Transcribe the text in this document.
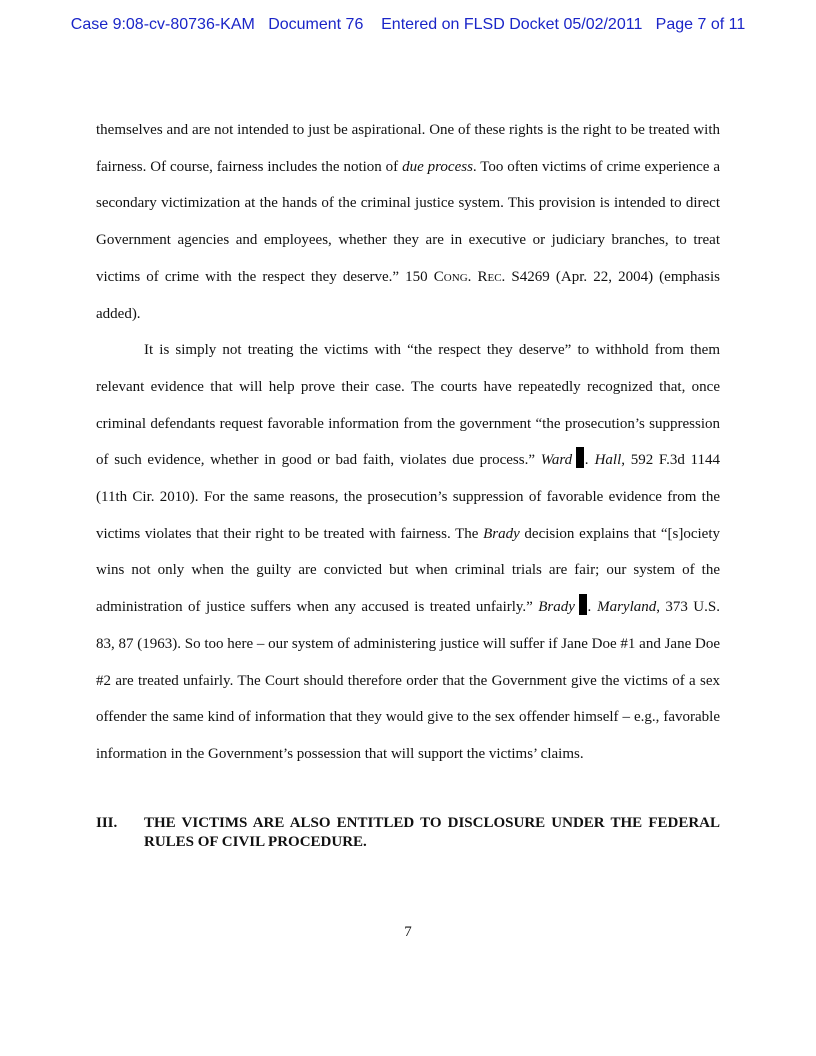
Case 9:08-cv-80736-KAM   Document 76    Entered on FLSD Docket 05/02/2011   Page 7 of 11

themselves and are not intended to just be aspirational. One of these rights is the right to be treated with fairness. Of course, fairness includes the notion of due process. Too often victims of crime experience a secondary victimization at the hands of the criminal justice system. This provision is intended to direct Government agencies and employees, whether they are in executive or judiciary branches, to treat victims of crime with the respect they deserve.” 150 Cong. Rec. S4269 (Apr. 22, 2004) (emphasis added).

It is simply not treating the victims with “the respect they deserve” to withhold from them relevant evidence that will help prove their case. The courts have repeatedly recognized that, once criminal defendants request favorable information from the government “the prosecution’s suppression of such evidence, whether in good or bad faith, violates due process.” Ward . Hall, 592 F.3d 1144 (11th Cir. 2010). For the same reasons, the prosecution’s suppression of favorable evidence from the victims violates that their right to be treated with fairness. The Brady decision explains that “[s]ociety wins not only when the guilty are convicted but when criminal trials are fair; our system of the administration of justice suffers when any accused is treated unfairly.” Brady . Maryland, 373 U.S. 83, 87 (1963). So too here – our system of administering justice will suffer if Jane Doe #1 and Jane Doe #2 are treated unfairly. The Court should therefore order that the Government give the victims of a sex offender the same kind of information that they would give to the sex offender himself – e.g., favorable information in the Government’s possession that will support the victims’ claims.

III. THE VICTIMS ARE ALSO ENTITLED TO DISCLOSURE UNDER THE FEDERAL RULES OF CIVIL PROCEDURE.
7
